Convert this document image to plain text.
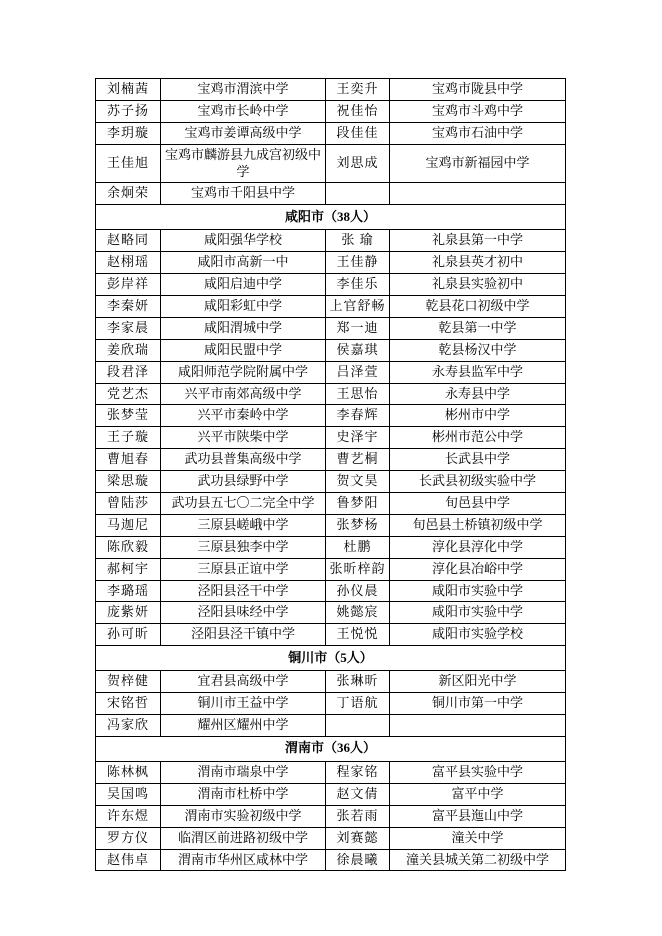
刘楠茜	宝鸡市渭滨中学	王奕升	宝鸡市陇县中学
苏子扬	宝鸡市长岭中学	祝佳怡	宝鸡市斗鸡中学
李玥璇	宝鸡市姜谭高级中学	段佳佳	宝鸡市石油中学
王佳旭	宝鸡市麟游县九成宫初级中学	刘思成	宝鸡市新福园中学
余炯荣	宝鸡市千阳县中学		
咸阳市（38人）			
赵略同	咸阳强华学校	张 瑜	礼泉县第一中学
赵栩瑶	咸阳市高新一中	王佳静	礼泉县英才初中
彭岸祥	咸阳启迪中学	李佳乐	礼泉县实验初中
李秦妍	咸阳彩虹中学	上官舒畅	乾县花口初级中学
李家晨	咸阳渭城中学	郑一迪	乾县第一中学
姜欣瑞	咸阳民盟中学	侯嘉琪	乾县杨汉中学
段君泽	咸阳师范学院附属中学	吕泽萱	永寿县监军中学
党艺杰	兴平市南郊高级中学	王思怡	永寿县中学
张梦莹	兴平市秦岭中学	李春辉	彬州市中学
王子璇	兴平市陕柴中学	史泽宇	彬州市范公中学
曹旭春	武功县普集高级中学	曹艺桐	长武县中学
梁思璇	武功县绿野中学	贺文昊	长武县初级实验中学
曾陆莎	武功县五七〇二完全中学	鲁梦阳	旬邑县中学
马迦尼	三原县嵯峨中学	张梦杨	旬邑县土桥镇初级中学
陈欣毅	三原县独李中学	杜鹏	淳化县淳化中学
郝柯宇	三原县正谊中学	张昕梓韵	淳化县冶峪中学
李璐瑶	泾阳县泾干中学	孙仪晨	咸阳市实验中学
庞紫妍	泾阳县味经中学	姚懿宸	咸阳市实验中学
孙可昕	泾阳县泾干镇中学	王悦悦	咸阳市实验学校
铜川市（5人）			
贺梓健	宜君县高级中学	张琳昕	新区阳光中学
宋铭哲	铜川市王益中学	丁语航	铜川市第一中学
冯家欣	耀州区耀州中学		
渭南市（36人）			
陈林枫	渭南市瑞泉中学	程家铭	富平县实验中学
吴国鸣	渭南市杜桥中学	赵文倩	富平中学
许东煜	渭南市实验初级中学	张若雨	富平县迤山中学
罗方仪	临渭区前进路初级中学	刘赛懿	潼关中学
赵伟卓	渭南市华州区咸林中学	徐晨曦	潼关县城关第二初级中学
